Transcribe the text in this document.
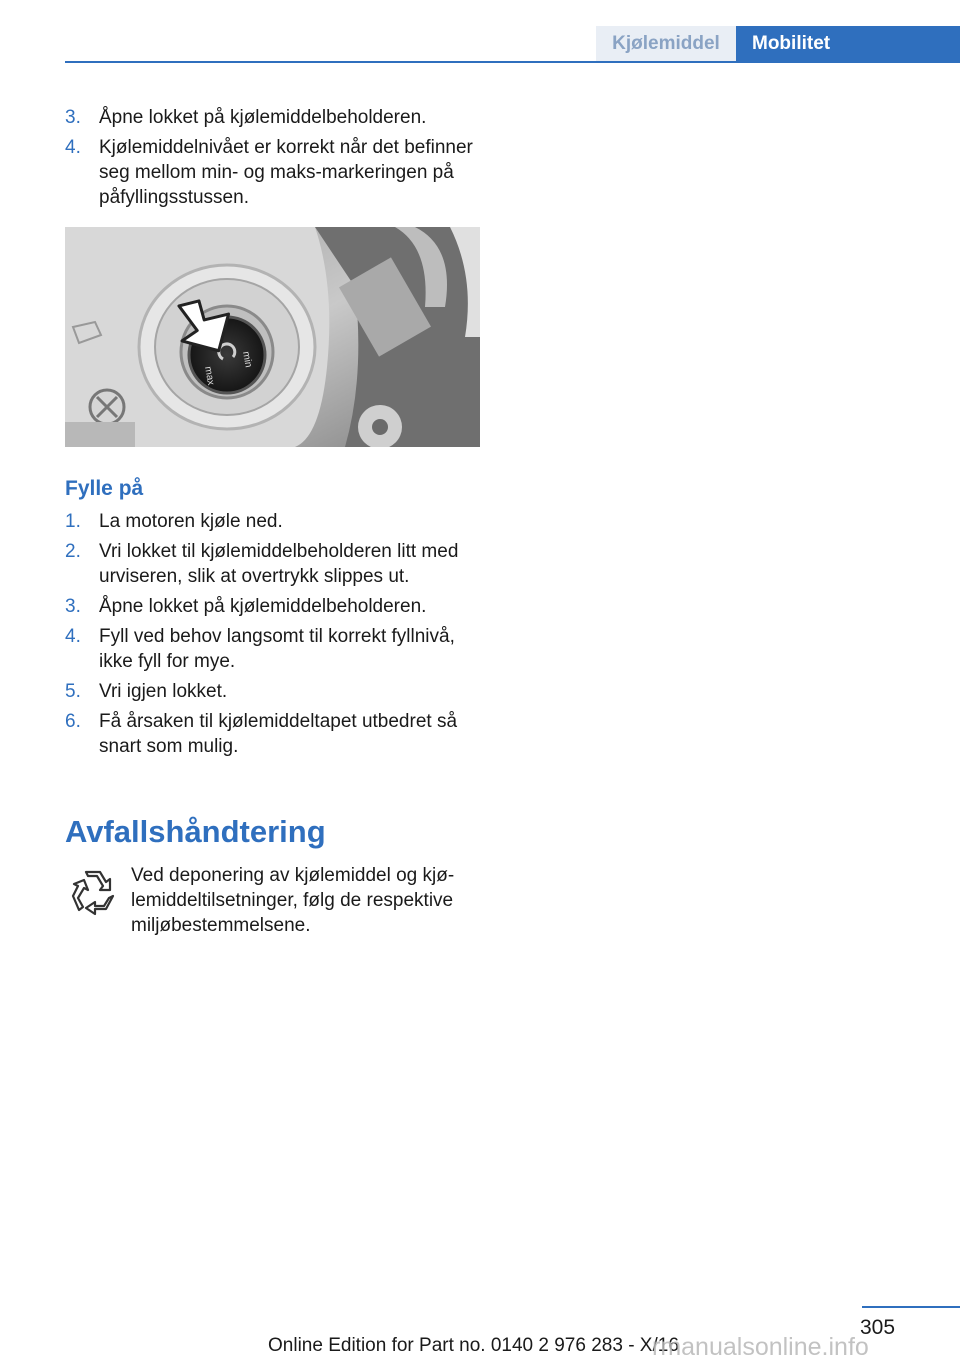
Kjølemiddel	Mobilitet
3. Åpne lokket på kjølemiddelbeholderen.
4. Kjølemiddelnivået er korrekt når det befinner seg mellom min- og maks-markeringen på påfyllingsstussen.
min
max
Fylle på
1. La motoren kjøle ned.
2. Vri lokket til kjølemiddelbeholderen litt med urviseren, slik at overtrykk slippes ut.
3. Åpne lokket på kjølemiddelbeholderen.
4. Fyll ved behov langsomt til korrekt fyllnivå, ikke fyll for mye.
5. Vri igjen lokket.
6. Få årsaken til kjølemiddeltapet utbedret så snart som mulig.
Avfallshåndtering

Ved deponering av kjølemiddel og kjølemiddeltilsetninger, følg de respektive miljøbestemmelsene.

305
Online Edition for Part no. 0140 2 976 283 - X/16
rmanualsonline.info
